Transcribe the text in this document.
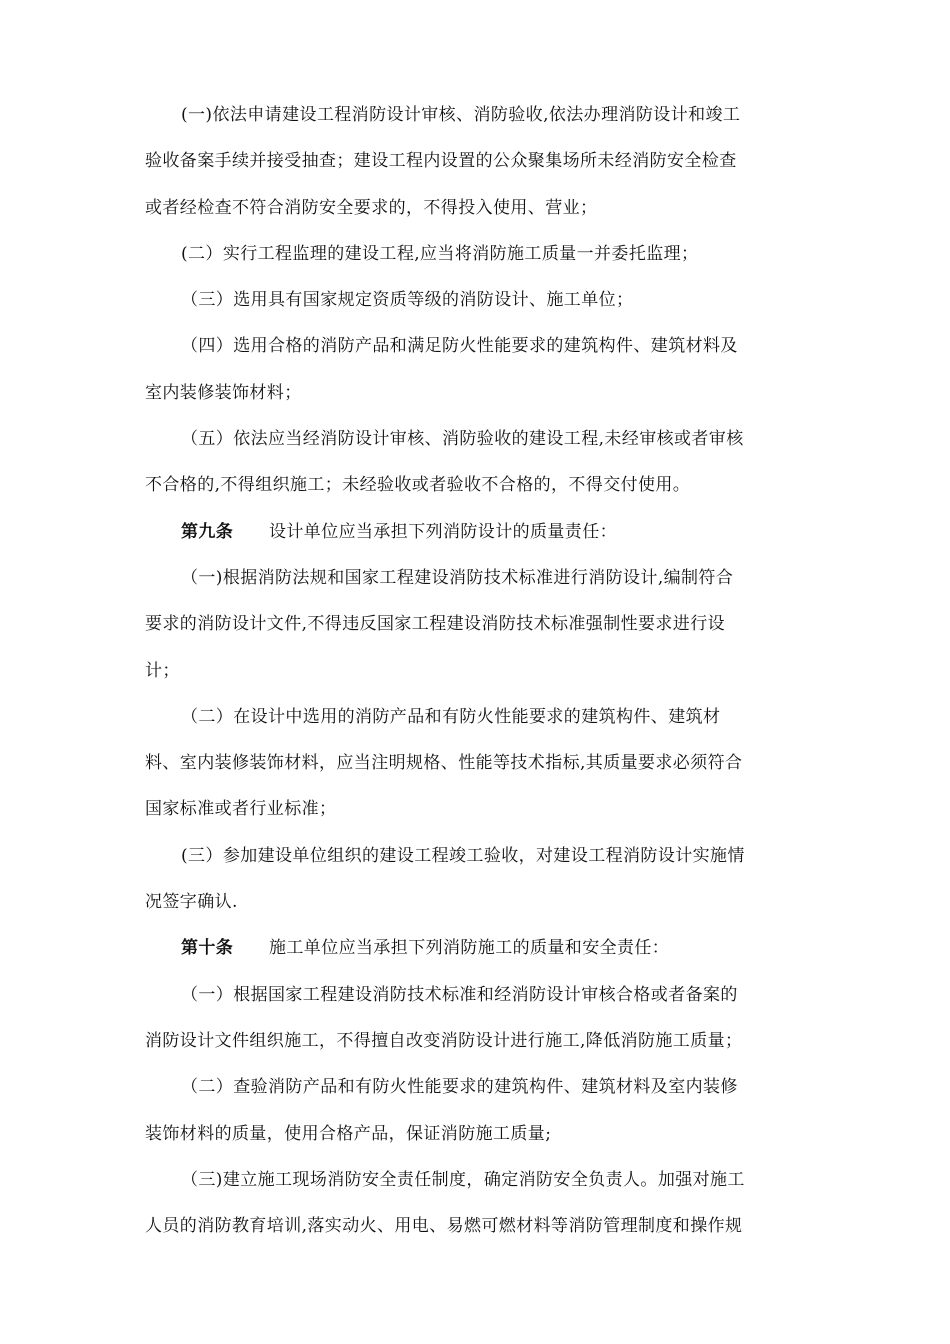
(一)依法申请建设工程消防设计审核、消防验收,依法办理消防设计和竣工
验收备案手续并接受抽查；建设工程内设置的公众聚集场所未经消防安全检查
或者经检查不符合消防安全要求的，不得投入使用、营业；
(二）实行工程监理的建设工程,应当将消防施工质量一并委托监理；
（三）选用具有国家规定资质等级的消防设计、施工单位；
（四）选用合格的消防产品和满足防火性能要求的建筑构件、建筑材料及
室内装修装饰材料；
（五）依法应当经消防设计审核、消防验收的建设工程,未经审核或者审核
不合格的,不得组织施工；未经验收或者验收不合格的，不得交付使用。
第九条 设计单位应当承担下列消防设计的质量责任：
（一)根据消防法规和国家工程建设消防技术标准进行消防设计,编制符合
要求的消防设计文件,不得违反国家工程建设消防技术标准强制性要求进行设
计；
（二）在设计中选用的消防产品和有防火性能要求的建筑构件、建筑材
料、室内装修装饰材料，应当注明规格、性能等技术指标,其质量要求必须符合
国家标准或者行业标准；
(三）参加建设单位组织的建设工程竣工验收，对建设工程消防设计实施情
况签字确认.
第十条 施工单位应当承担下列消防施工的质量和安全责任：
（一）根据国家工程建设消防技术标准和经消防设计审核合格或者备案的
消防设计文件组织施工，不得擅自改变消防设计进行施工,降低消防施工质量；
（二）查验消防产品和有防火性能要求的建筑构件、建筑材料及室内装修
装饰材料的质量，使用合格产品，保证消防施工质量;
（三)建立施工现场消防安全责任制度，确定消防安全负责人。加强对施工
人员的消防教育培训,落实动火、用电、易燃可燃材料等消防管理制度和操作规
